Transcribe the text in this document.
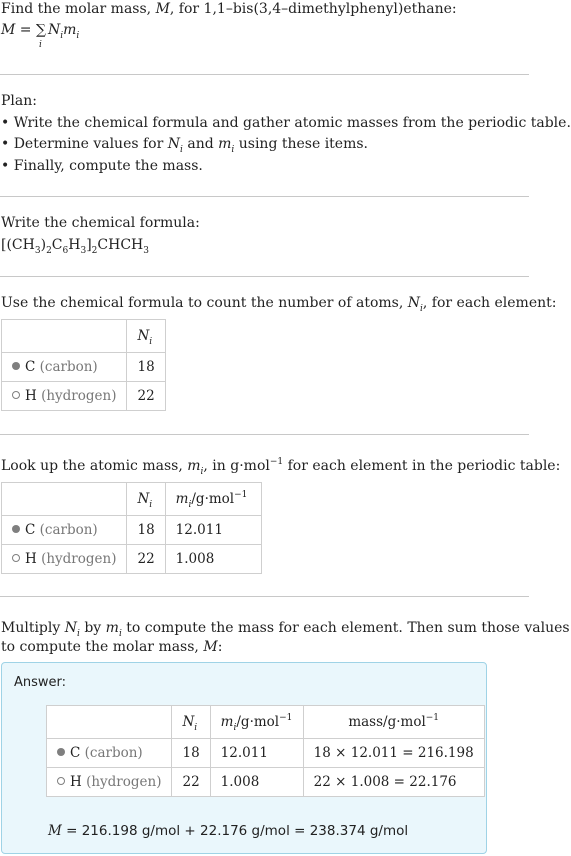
Find the molar mass, M, for 1,1–bis(3,4–dimethylphenyl)ethane:
M = ∑
i
$N_im_i$
Plan:
• Write the chemical formula and gather atomic masses from the periodic table.
• Determine values for $N_i$ and $m_i$ using these items.
• Finally, compute the mass.
Write the chemical formula:
$[(CH_3)_2C_6H_3]_2CHCH_3$
Use the chemical formula to count the number of atoms, $N_i$, for each element:
	$N_i$
C (carbon)	18
H (hydrogen)	22
Look up the atomic mass, $m_i$, in g·mol$^{-1}$ for each element in the periodic table:
	$N_i$	$m_i/g\cdot mol^{-1}$
C (carbon)	18	12.011
H (hydrogen)	22	1.008
Multiply $N_i$ by $m_i$ to compute the mass for each element. Then sum those values
to compute the molar mass, M:
Answer:
	$N_i$	$m_i/g\cdot mol^{-1}$	mass/g·mol$^{-1}$
C (carbon)	18	12.011	18 × 12.011 = 216.198
H (hydrogen)	22	1.008	22 × 1.008 = 22.176
M = 216.198 g/mol + 22.176 g/mol = 238.374 g/mol
